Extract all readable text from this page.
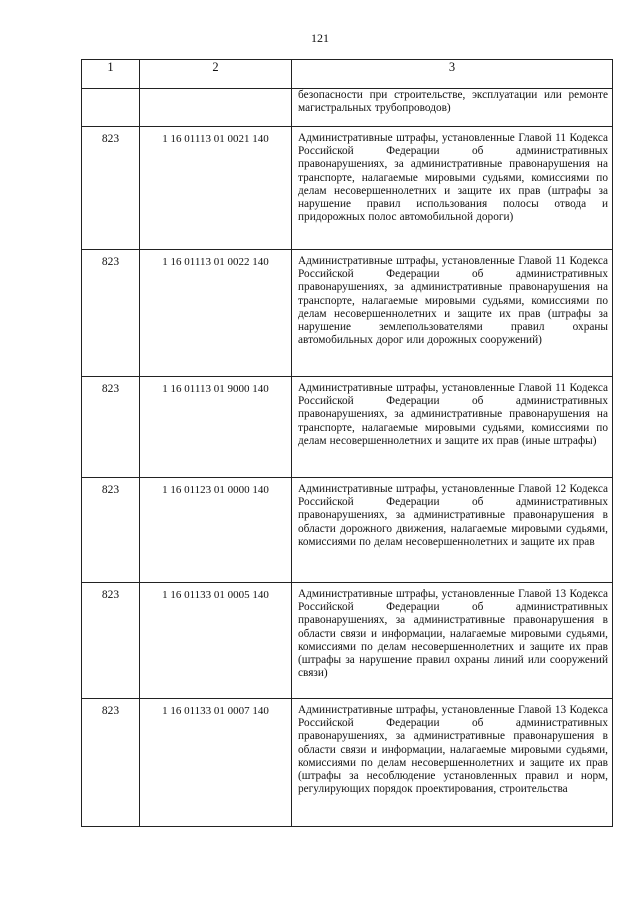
121
1	2	3
		безопасности при строительстве, эксплуатации или ремонте магистральных трубопроводов)
823	1 16 01113 01 0021 140	Административные штрафы, установленные Главой 11 Кодекса Российской Федерации об административных правонарушениях, за административные правонарушения на транспорте, налагаемые мировыми судьями, комиссиями по делам несовершеннолетних и защите их прав (штрафы за нарушение правил использования полосы отвода и придорожных полос автомобильной дороги)
823	1 16 01113 01 0022 140	Административные штрафы, установленные Главой 11 Кодекса Российской Федерации об административных правонарушениях, за административные правонарушения на транспорте, налагаемые мировыми судьями, комиссиями по делам несовершеннолетних и защите их прав (штрафы за нарушение землепользователями правил охраны автомобильных дорог или дорожных сооружений)
823	1 16 01113 01 9000 140	Административные штрафы, установленные Главой 11 Кодекса Российской Федерации об административных правонарушениях, за административные правонарушения на транспорте, налагаемые мировыми судьями, комиссиями по делам несовершеннолетних и защите их прав (иные штрафы)
823	1 16 01123 01 0000 140	Административные штрафы, установленные Главой 12 Кодекса Российской Федерации об административных правонарушениях, за административные правонарушения в области дорожного движения, налагаемые мировыми судьями, комиссиями по делам несовершеннолетних и защите их прав
823	1 16 01133 01 0005 140	Административные штрафы, установленные Главой 13 Кодекса Российской Федерации об административных правонарушениях, за административные правонарушения в области связи и информации, налагаемые мировыми судьями, комиссиями по делам несовершеннолетних и защите их прав (штрафы за нарушение правил охраны линий или сооружений связи)
823	1 16 01133 01 0007 140	Административные штрафы, установленные Главой 13 Кодекса Российской Федерации об административных правонарушениях, за административные правонарушения в области связи и информации, налагаемые мировыми судьями, комиссиями по делам несовершеннолетних и защите их прав (штрафы за несоблюдение установленных правил и норм, регулирующих порядок проектирования, строительства
